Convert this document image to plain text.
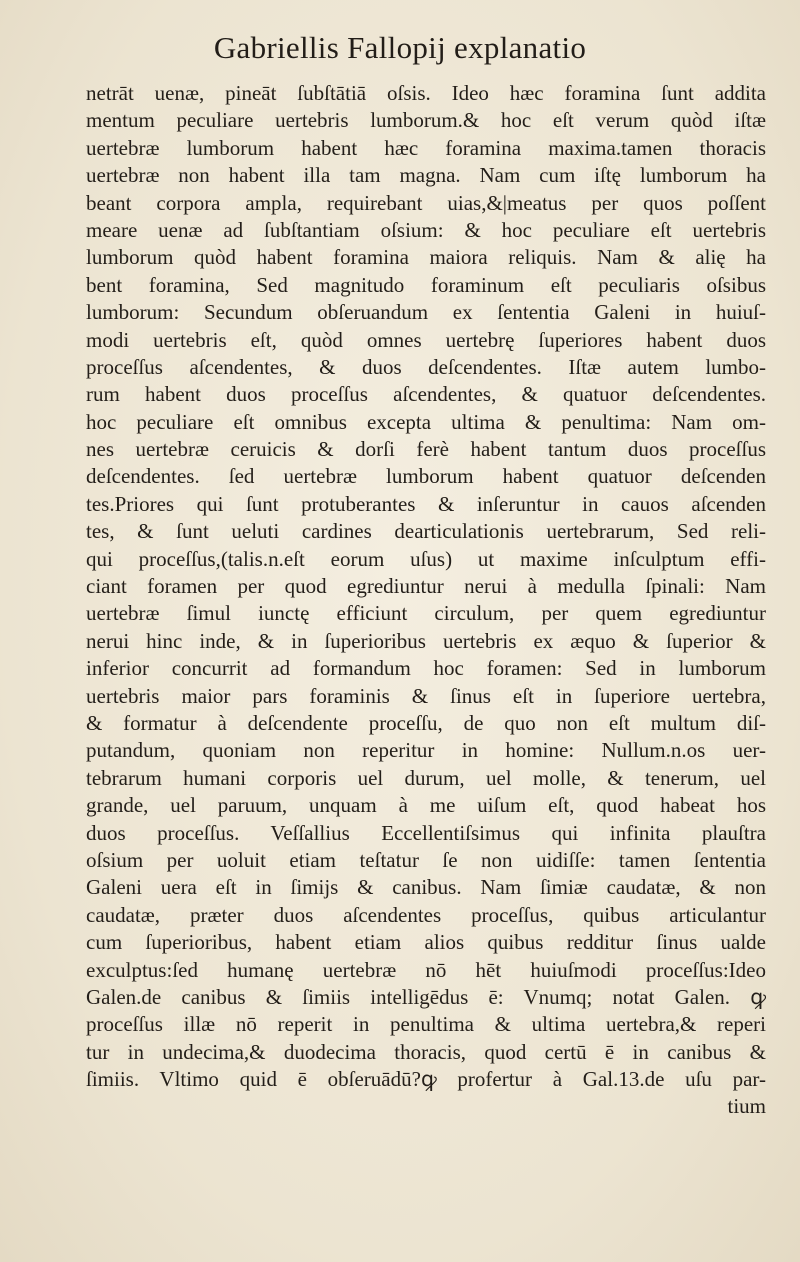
Gabriellis Fallopij explanatio
netrāt uenæ, pineāt ſubſtātiā oſsis. Ideo hæc foramina ſunt addita
mentum peculiare uertebris lumborum.& hoc eſt verum quòd iſtæ
uertebræ lumborum habent hæc foramina maxima.tamen thoracis
uertebræ non habent illa tam magna. Nam cum iſtę lumborum ha
beant corpora ampla, requirebant uias,&|meatus per quos poſſent
meare uenæ ad ſubſtantiam oſsium: & hoc peculiare eſt uertebris
lumborum quòd habent foramina maiora reliquis. Nam & alię ha
bent foramina, Sed magnitudo foraminum eſt peculiaris oſsibus
lumborum: Secundum obſeruandum ex ſententia Galeni in huiuſ-
modi uertebris eſt, quòd omnes uertebrę ſuperiores habent duos
proceſſus aſcendentes, & duos deſcendentes. Iſtæ autem lumbo-
rum habent duos proceſſus aſcendentes, & quatuor deſcendentes.
hoc peculiare eſt omnibus excepta ultima & penultima: Nam om-
nes uertebræ ceruicis & dorſi ferè habent tantum duos proceſſus
deſcendentes. ſed uertebræ lumborum habent quatuor deſcenden
tes.Priores qui ſunt protuberantes & inſeruntur in cauos aſcenden
tes, & ſunt ueluti cardines dearticulationis uertebrarum, Sed reli-
qui proceſſus,(talis.n.eſt eorum uſus) ut maxime inſculptum effi-
ciant foramen per quod egrediuntur nerui à medulla ſpinali: Nam
uertebræ ſimul iunctę efficiunt circulum, per quem egrediuntur
nerui hinc inde, & in ſuperioribus uertebris ex æquo & ſuperior &
inferior concurrit ad formandum hoc foramen: Sed in lumborum
uertebris maior pars foraminis & ſinus eſt in ſuperiore uertebra,
& formatur à deſcendente proceſſu, de quo non eſt multum diſ-
putandum, quoniam non reperitur in homine: Nullum.n.os uer-
tebrarum humani corporis uel durum, uel molle, & tenerum, uel
grande, uel paruum, unquam à me uiſum eſt, quod habeat hos
duos proceſſus. Veſſallius Eccellentiſsimus qui infinita plauſtra
oſsium per uoluit etiam teſtatur ſe non uidiſſe: tamen ſententia
Galeni uera eſt in ſimijs & canibus. Nam ſimiæ caudatæ, & non
caudatæ, præter duos aſcendentes proceſſus, quibus articulantur
cum ſuperioribus, habent etiam alios quibus redditur ſinus ualde
exculptus:ſed humanę uertebræ nō hēt huiuſmodi proceſſus:Ideo
Galen.de canibus & ſimiis intelligēdus ē: Vnumq; notat Galen. ꝙ
proceſſus illæ nō reperit in penultima & ultima uertebra,& reperi
tur in undecima,& duodecima thoracis, quod certū ē in canibus &
ſimiis. Vltimo quid ē obſeruādū?ꝙ profertur à Gal.13.de uſu par-
tium
